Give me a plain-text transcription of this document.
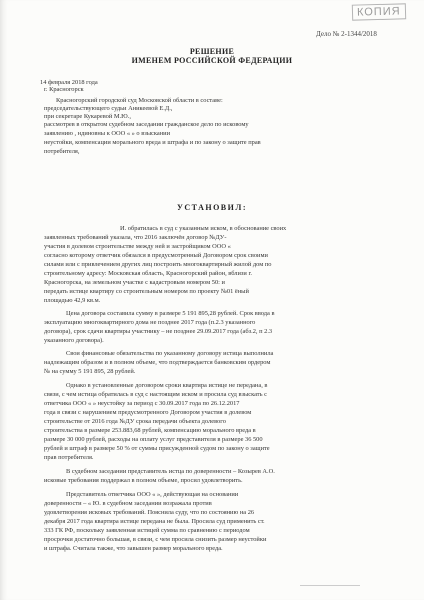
КОПИЯ
Дело № 2-1344/2018
РЕШЕНИЕ
ИМЕНЕМ РОССИЙСКОЙ ФЕДЕРАЦИИ
14 февраля 2018 года
г. Красногорск
Красногорский городской суд Московской области в составе:
председательствующего судьи Аникеевой Е.Д.,
при секретаре Кукаревой М.Ю.,
рассмотрев в открытом судебном заседании гражданское дело по исковому
заявлению , ндиновны к ООО « » о взыскании
неустойки, компенсации морального вреда и штрафа и по закону о защите прав
потребителя,
УСТАНОВИЛ:
И. обратилась в суд с указанным иском, в обоснование своих
заявленных требований указала, что 2016 заключён договор №ДУ-
участия в долевом строительстве между ней и застройщиком ООО «
согласно которому ответчик обязался в предусмотренный Договором срок своими
силами или с привлечением других лиц построить многоквартирный жилой дом по
строительному адресу: Московская область, Красногорский район, вблизи г.
Красногорска, на земельном участке с кадастровым номером 50: и
передать истице квартиру со строительным номером по проекту №01 ёный
площадью 42,9 кв.м.
Цена договора составила сумму в размере 5 191 895,28 рублей. Срок ввода в
эксплуатацию многоквартирного дома не позднее 2017 года (п.2.3 указанного
договора), срок сдачи квартиры участнику – не позднее 29.09.2017 года (абз.2, п 2.3
указанного договора).
Свои финансовые обязательства по указанному договору истица выполнила
надлежащим образом и в полном объеме, что подтверждается банковским ордером
№ на сумму 5 191 895, 28 рублей.
Однако в установленные договором сроки квартира истице не передана, в
связи, с чем истица обратилась в суд с настоящим иском и просила суд взыскать с
ответчика ООО « » неустойку за период с 30.09.2017 года по 26.12.2017
года в связи с нарушением предусмотренного Договором участия в долевом
строительстве от 2016 года №ДУ срока передачи объекта долевого
строительства в размере 253.883,68 рублей, компенсацию морального вреда в
размере 30 000 рублей, расходы на оплату услуг представителя в размере 36 500
рублей и штраф в размере 50 % от суммы присужденной судом по закону о защите
прав потребителя.
В судебном заседании представитель истца по доверенности – Козырев А.О.
исковые требования поддержал в полном объеме, просил удовлетворить.
Представитель ответчика ООО « », действующая на основании
доверенности – « Ю. в судебном заседании возражала против
удовлетворения исковых требований. Пояснила суду, что по состоянию на 26
декабря 2017 года квартира истице передана не была. Просила суд применить ст.
333 ГК РФ, поскольку заявленная истицей сумма по сравнению с периодом
просрочки достаточно большая, в связи, с чем просила снизить размер неустойки
и штрафа. Считала также, что завышен размер морального вреда.
